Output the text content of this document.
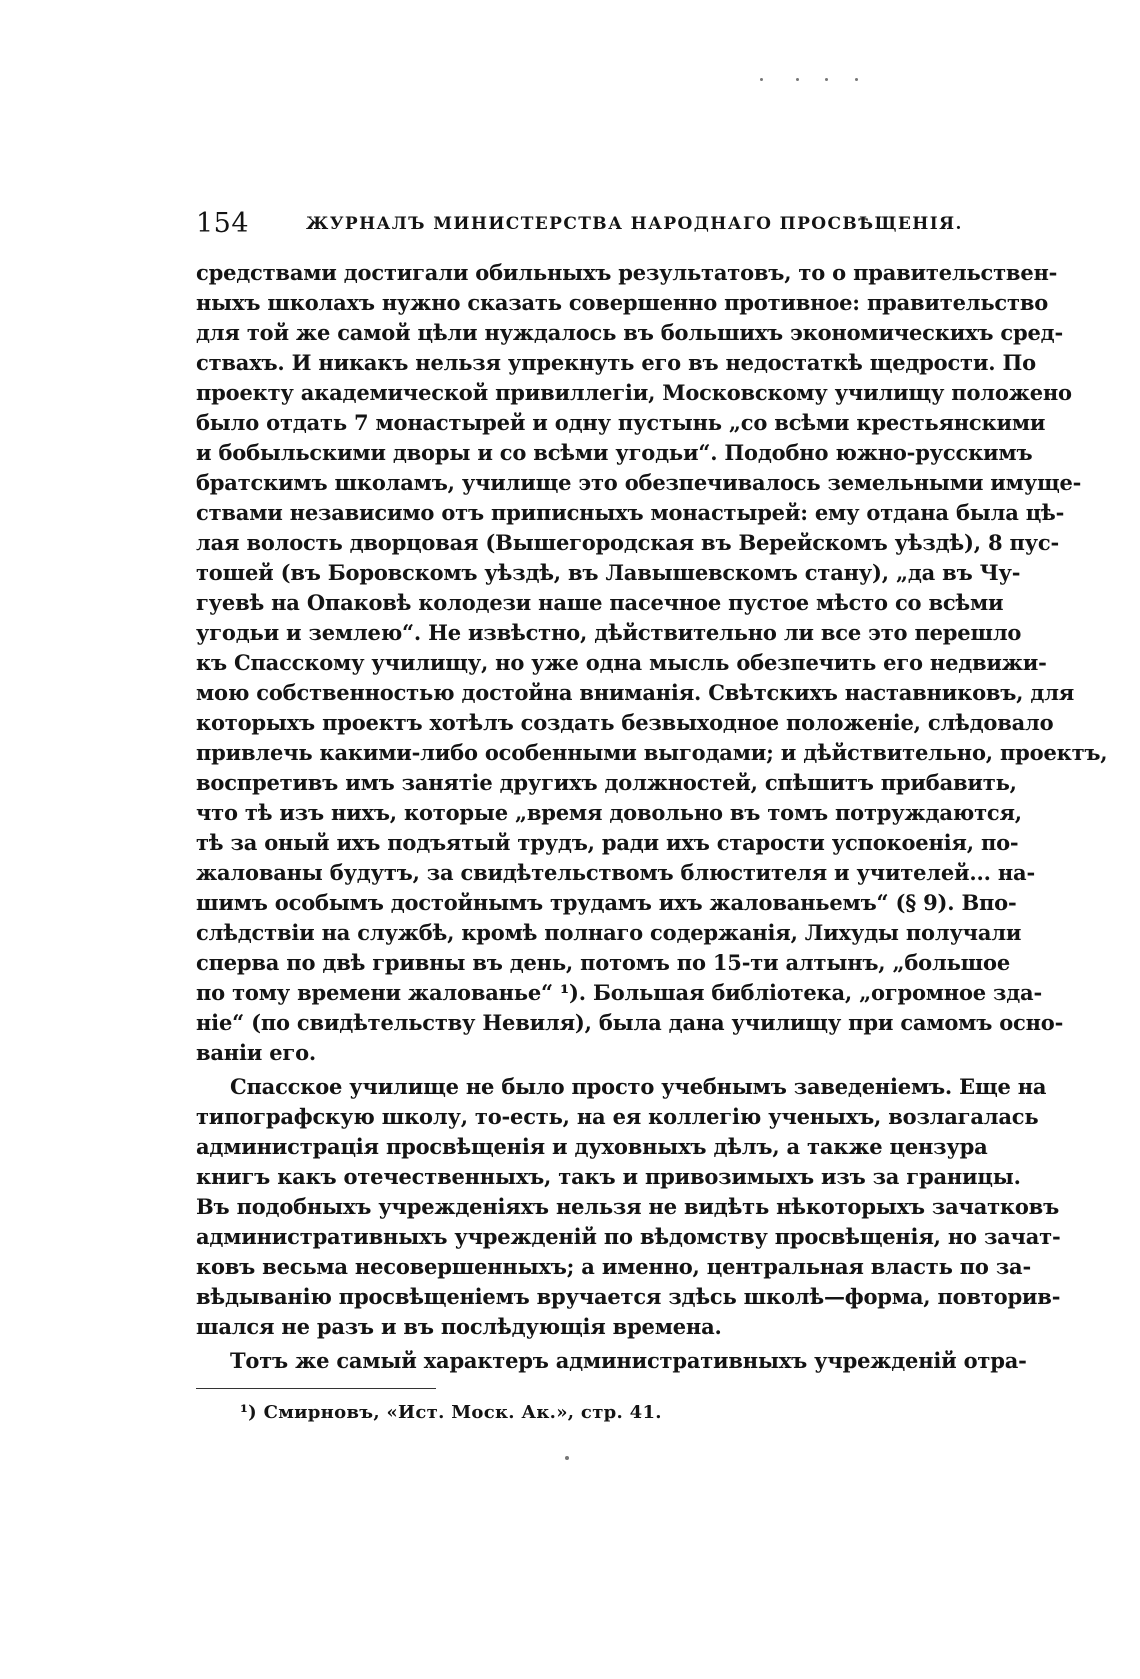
154	ЖУРНАЛЪ МИНИСТЕРСТВА НАРОДНАГО ПРОСВѢЩЕНІЯ.
средствами достигали обильныхъ результатовъ, то о правительствен-
ныхъ школахъ нужно сказать совершенно противное: правительство
для той же самой цѣли нуждалось въ большихъ экономическихъ сред-
ствахъ. И никакъ нельзя упрекнуть его въ недостаткѣ щедрости. По
проекту академической привиллегіи, Московскому училищу положено
было отдать 7 монастырей и одну пустынь „со всѣми крестьянскими
и бобыльскими дворы и со всѣми угодьи“. Подобно южно-русскимъ
братскимъ школамъ, училище это обезпечивалось земельными имуще-
ствами независимо отъ приписныхъ монастырей: ему отдана была цѣ-
лая волость дворцовая (Вышегородская въ Верейскомъ уѣздѣ), 8 пус-
тошей (въ Боровскомъ уѣздѣ, въ Лавышевскомъ стану), „да въ Чу-
гуевѣ на Опаковѣ колодези наше пасечное пустое мѣсто со всѣми
угодьи и землею“. Не извѣстно, дѣйствительно ли все это перешло
къ Спасскому училищу, но уже одна мысль обезпечить его недвижи-
мою собственностью достойна вниманія. Свѣтскихъ наставниковъ, для
которыхъ проектъ хотѣлъ создать безвыходное положеніе, слѣдовало
привлечь какими-либо особенными выгодами; и дѣйствительно, проектъ,
воспретивъ имъ занятіе другихъ должностей, спѣшитъ прибавить,
что тѣ изъ нихъ, которые „время довольно въ томъ потруждаются,
тѣ за оный ихъ подъятый трудъ, ради ихъ старости успокоенія, по-
жалованы будутъ, за свидѣтельствомъ блюстителя и учителей... на-
шимъ особымъ достойнымъ трудамъ ихъ жалованьемъ“ (§ 9). Впо-
слѣдствіи на службѣ, кромѣ полнаго содержанія, Лихуды получали
сперва по двѣ гривны въ день, потомъ по 15-ти алтынъ, „большое
по тому времени жалованье“ ¹). Большая библіотека, „огромное зда-
ніе“ (по свидѣтельству Невиля), была дана училищу при самомъ осно-
ваніи его.
Спасское училище не было просто учебнымъ заведеніемъ. Еще на
типографскую школу, то-есть, на ея коллегію ученыхъ, возлагалась
администрація просвѣщенія и духовныхъ дѣлъ, а также цензура
книгъ какъ отечественныхъ, такъ и привозимыхъ изъ за границы.
Въ подобныхъ учрежденіяхъ нельзя не видѣть нѣкоторыхъ зачатковъ
административныхъ учрежденій по вѣдомству просвѣщенія, но зачат-
ковъ весьма несовершенныхъ; а именно, центральная власть по за-
вѣдыванію просвѣщеніемъ вручается здѣсь школѣ—форма, повторив-
шался не разъ и въ послѣдующія времена.
Тотъ же самый характеръ административныхъ учрежденій отра-
¹) Смирновъ, «Ист. Моск. Ак.», стр. 41.
